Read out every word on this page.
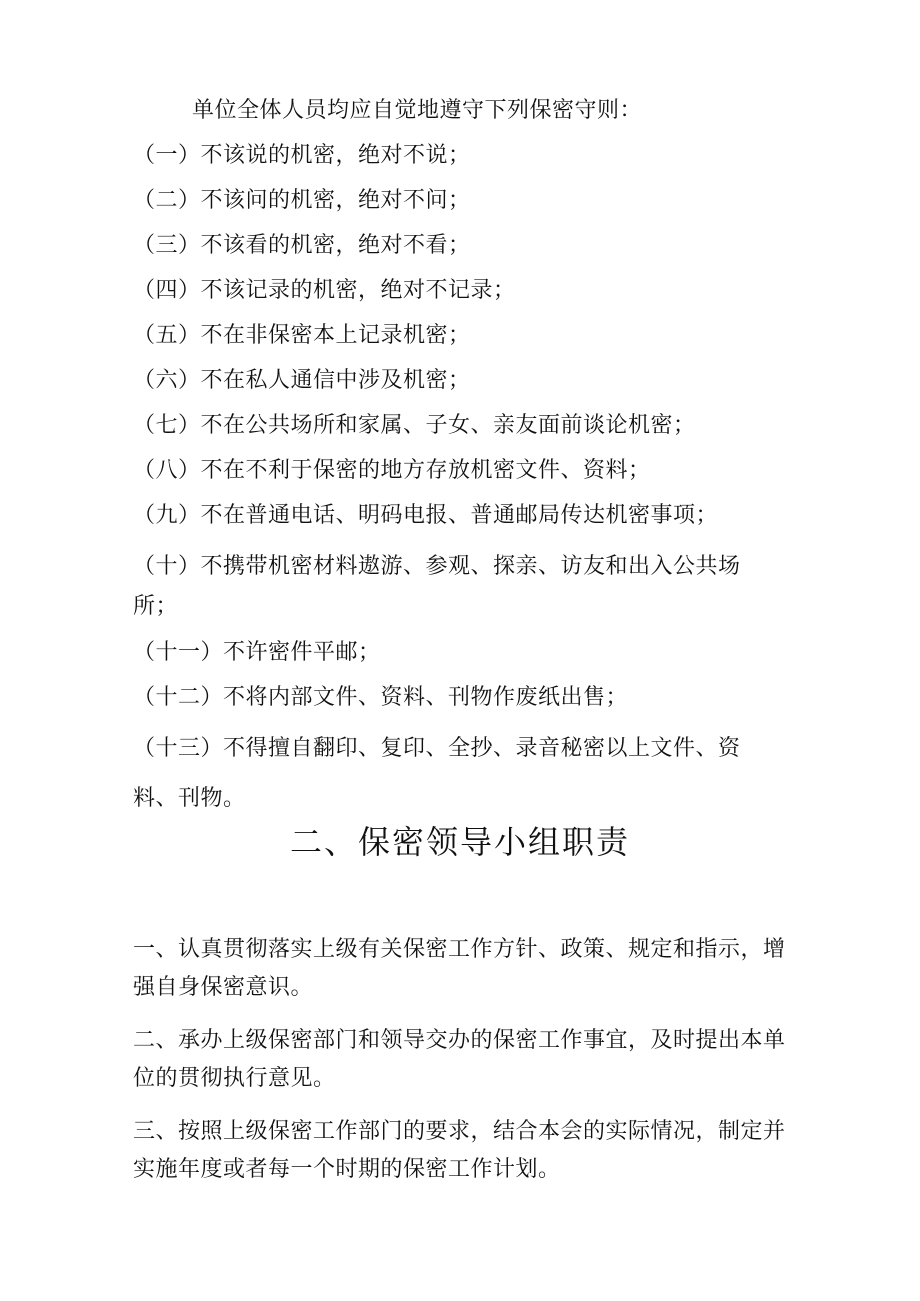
单位全体人员均应自觉地遵守下列保密守则：
（一）不该说的机密，绝对不说；
（二）不该问的机密，绝对不问；
（三）不该看的机密，绝对不看；
（四）不该记录的机密，绝对不记录；
（五）不在非保密本上记录机密；
（六）不在私人通信中涉及机密；
（七）不在公共场所和家属、子女、亲友面前谈论机密；
（八）不在不利于保密的地方存放机密文件、资料；
（九）不在普通电话、明码电报、普通邮局传达机密事项；
（十）不携带机密材料遨游、参观、探亲、访友和出入公共场
所；
（十一）不许密件平邮；
（十二）不将内部文件、资料、刊物作废纸出售；
（十三）不得擅自翻印、复印、全抄、录音秘密以上文件、资
料、刊物。
二、保密领导小组职责
一、认真贯彻落实上级有关保密工作方针、政策、规定和指示，增强自身保密意识。
二、承办上级保密部门和领导交办的保密工作事宜，及时提出本单位的贯彻执行意见。
三、按照上级保密工作部门的要求，结合本会的实际情况，制定并实施年度或者每一个时期的保密工作计划。
